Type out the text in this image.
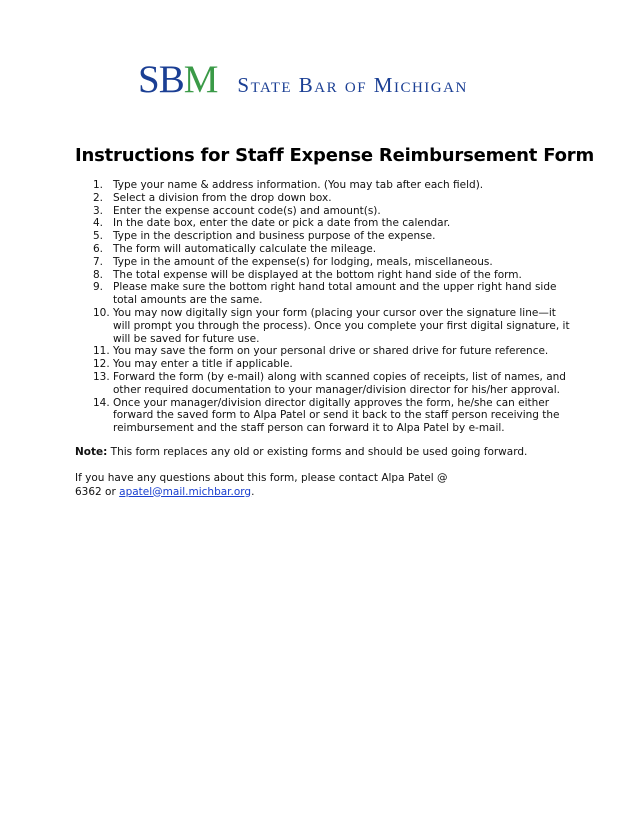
SBM State Bar of Michigan
Instructions for Staff Expense Reimbursement Form
1. Type your name & address information. (You may tab after each field).
2. Select a division from the drop down box.
3. Enter the expense account code(s) and amount(s).
4. In the date box, enter the date or pick a date from the calendar.
5. Type in the description and business purpose of the expense.
6. The form will automatically calculate the mileage.
7. Type in the amount of the expense(s) for lodging, meals, miscellaneous.
8. The total expense will be displayed at the bottom right hand side of the form.
9. Please make sure the bottom right hand total amount and the upper right hand side total amounts are the same.
10. You may now digitally sign your form (placing your cursor over the signature line—it will prompt you through the process). Once you complete your first digital signature, it will be saved for future use.
11. You may save the form on your personal drive or shared drive for future reference.
12. You may enter a title if applicable.
13. Forward the form (by e-mail) along with scanned copies of receipts, list of names, and other required documentation to your manager/division director for his/her approval.
14. Once your manager/division director digitally approves the form, he/she can either forward the saved form to Alpa Patel or send it back to the staff person receiving the reimbursement and the staff person can forward it to Alpa Patel by e-mail.

Note: This form replaces any old or existing forms and should be used going forward.

If you have any questions about this form, please contact Alpa Patel @ 6362 or apatel@mail.michbar.org.
